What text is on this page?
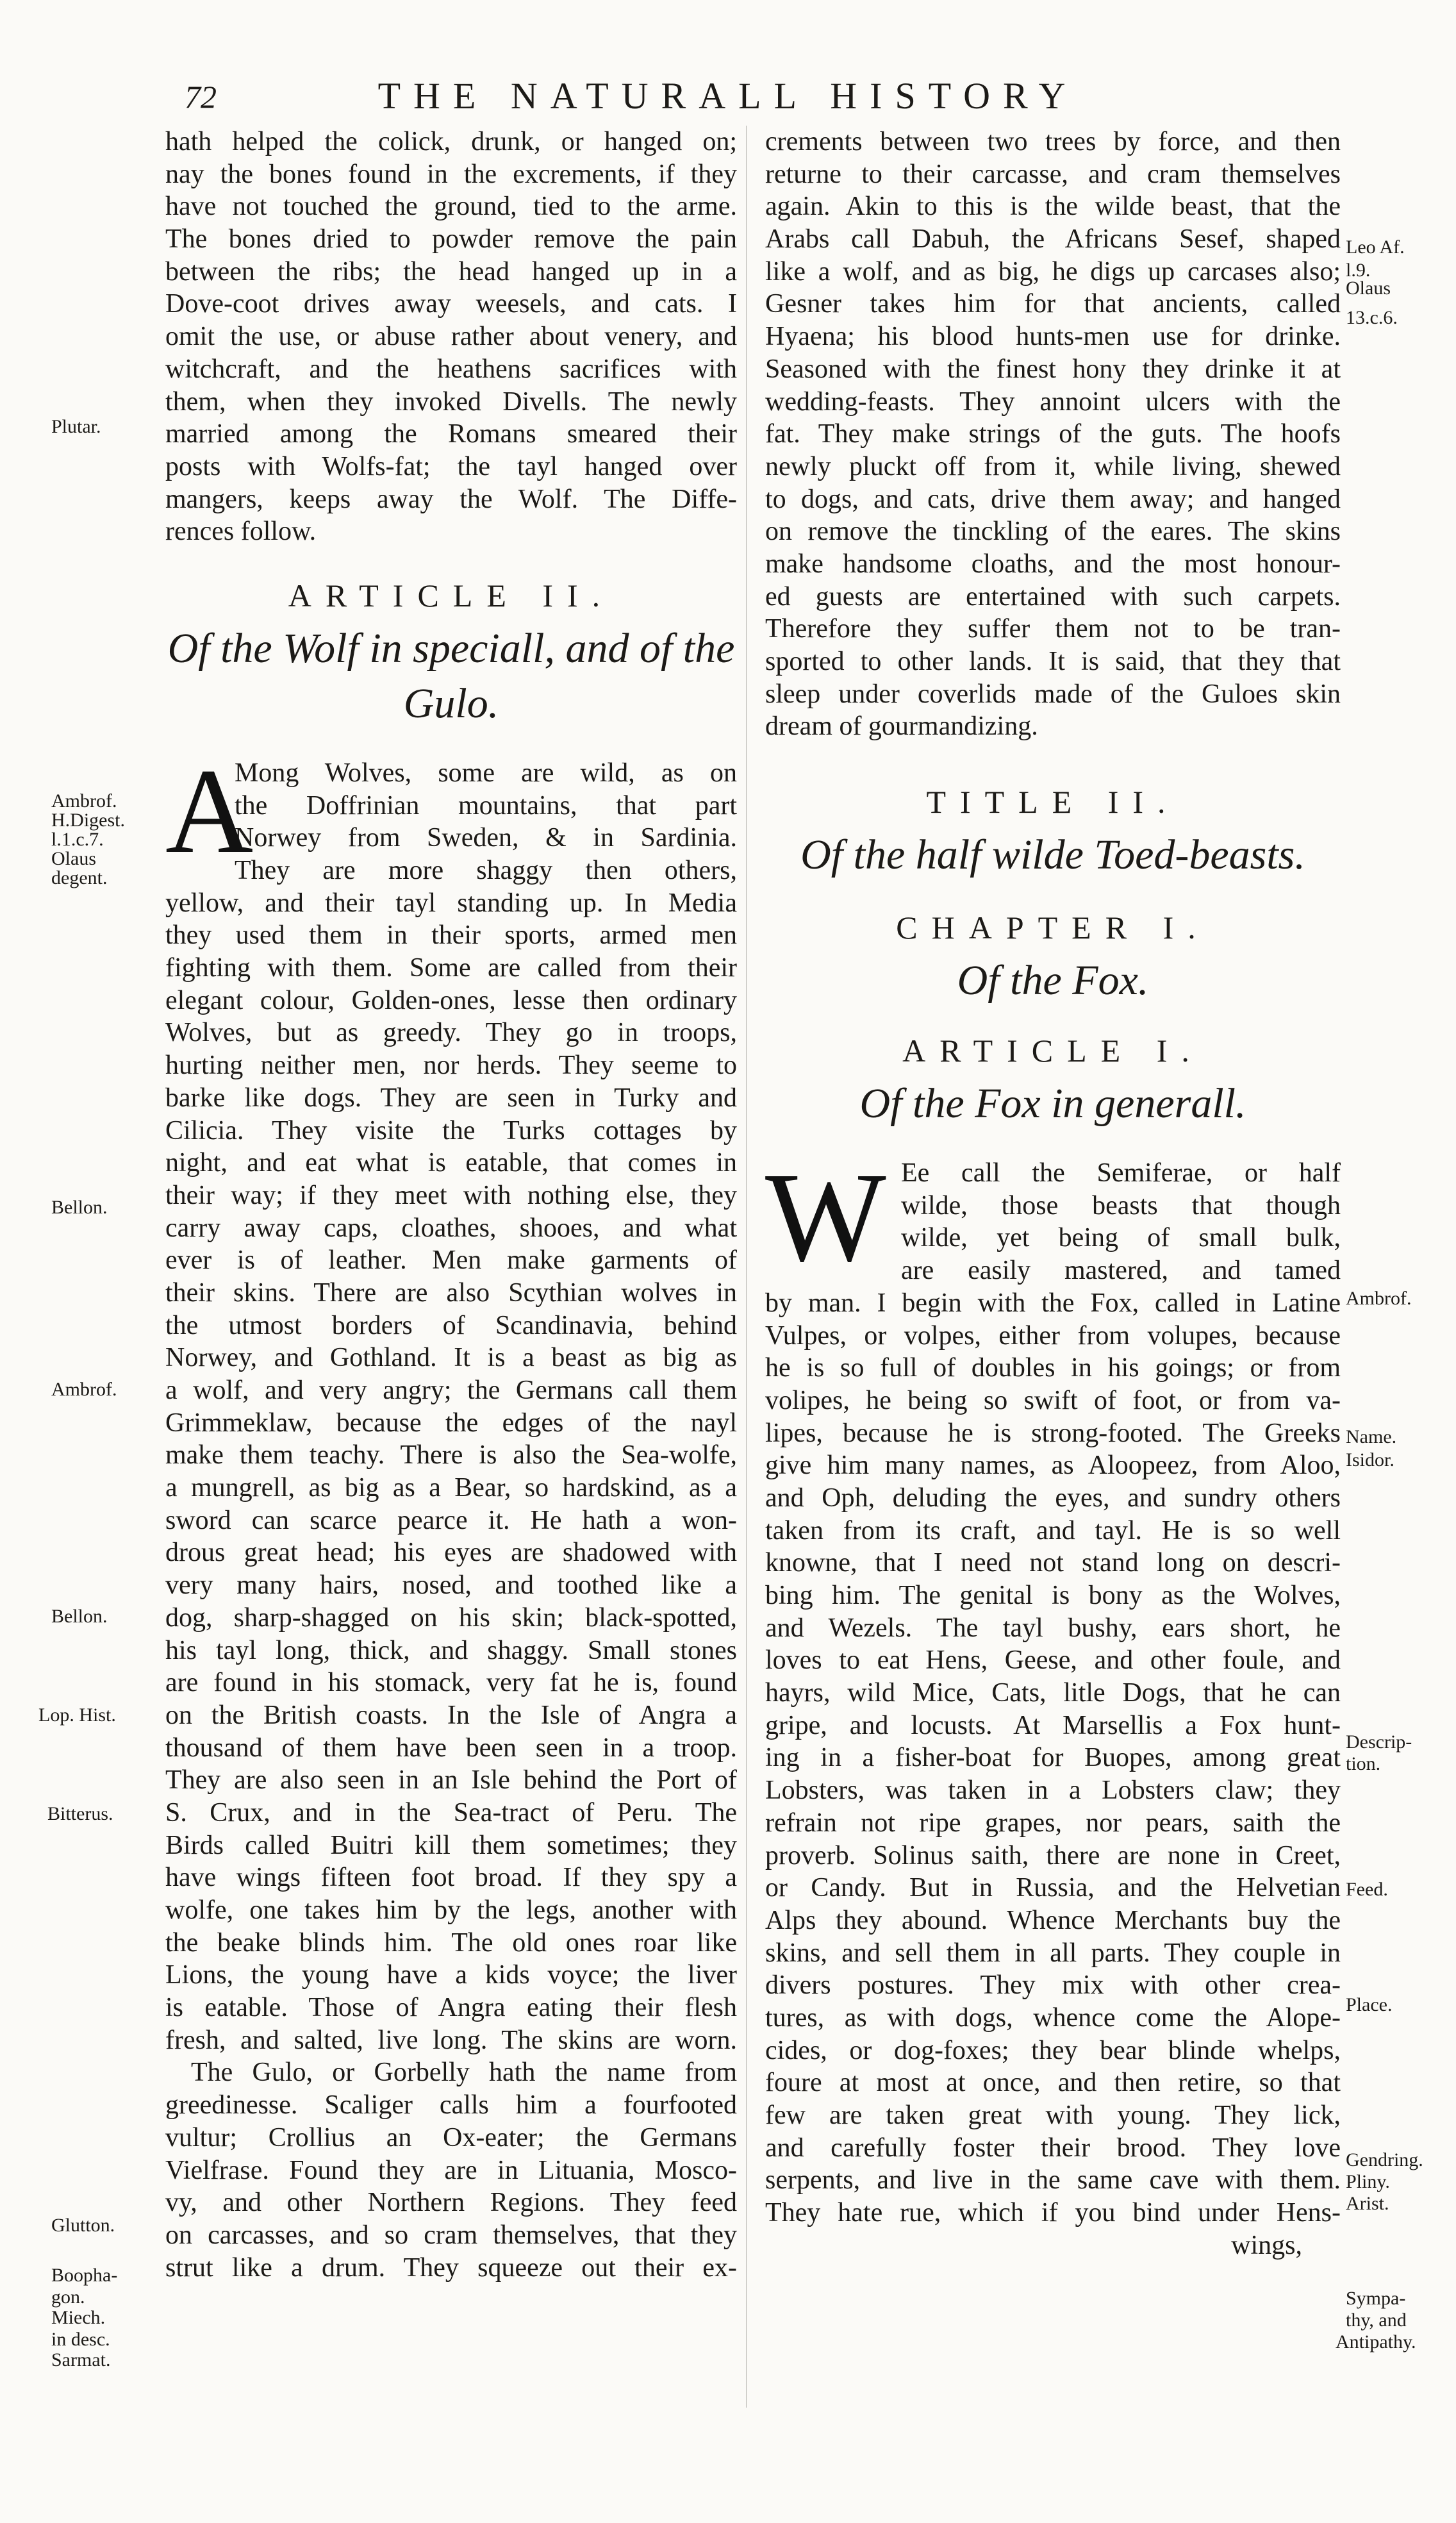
72	THE NATURALL HISTORY
hath helped the colick, drunk, or hanged on;
nay the bones found in the excrements, if they
have not touched the ground, tied to the arme.
The bones dried to powder remove the pain
between the ribs; the head hanged up in a
Dove-coot drives away weesels, and cats. I
omit the use, or abuse rather about venery, and
witchcraft, and the heathens sacrifices with
them, when they invoked Divells. The newly
married among the Romans smeared their
posts with Wolfs-fat; the tayl hanged over
mangers, keeps away the Wolf. The Diffe-
rences follow.
ARTICLE II.
Of the Wolf in speciall, and of the
Gulo.
A
Mong Wolves, some are wild, as on
the Doffrinian mountains, that part
Norwey from Sweden, & in Sardinia.
They are more shaggy then others,
yellow, and their tayl standing up. In Media
they used them in their sports, armed men
fighting with them. Some are called from their
elegant colour, Golden-ones, lesse then ordinary
Wolves, but as greedy. They go in troops,
hurting neither men, nor herds. They seeme to
barke like dogs. They are seen in Turky and
Cilicia. They visite the Turks cottages by
night, and eat what is eatable, that comes in
their way; if they meet with nothing else, they
carry away caps, cloathes, shooes, and what
ever is of leather. Men make garments of
their skins. There are also Scythian wolves in
the utmost borders of Scandinavia, behind
Norwey, and Gothland. It is a beast as big as
a wolf, and very angry; the Germans call them
Grimmeklaw, because the edges of the nayl
make them teachy. There is also the Sea-wolfe,
a mungrell, as big as a Bear, so hardskind, as a
sword can scarce pearce it. He hath a won-
drous great head; his eyes are shadowed with
very many hairs, nosed, and toothed like a
dog, sharp-shagged on his skin; black-spotted,
his tayl long, thick, and shaggy. Small stones
are found in his stomack, very fat he is, found
on the British coasts. In the Isle of Angra a
thousand of them have been seen in a troop.
They are also seen in an Isle behind the Port of
S. Crux, and in the Sea-tract of Peru. The
Birds called Buitri kill them sometimes; they
have wings fifteen foot broad. If they spy a
wolfe, one takes him by the legs, another with
the beake blinds him. The old ones roar like
Lions, the young have a kids voyce; the liver
is eatable. Those of Angra eating their flesh
fresh, and salted, live long. The skins are worn.
The Gulo, or Gorbelly hath the name from
greedinesse. Scaliger calls him a fourfooted
vultur; Crollius an Ox-eater; the Germans
Vielfrase. Found they are in Lituania, Mosco-
vy, and other Northern Regions. They feed
on carcasses, and so cram themselves, that they
strut like a drum. They squeeze out their ex-
Plutar.
Ambrof.
H.Digest.
l.1.c.7.
Olaus
degent.
Bellon.
Ambrof.
Bellon.
Lop. Hist.
Bitterus.
Glutton.
Boopha-
gon.
Miech.
in desc.
Sarmat.
crements between two trees by force, and then
returne to their carcasse, and cram themselves
again. Akin to this is the wilde beast, that the
Arabs call Dabuh, the Africans Sesef, shaped
like a wolf, and as big, he digs up carcases also;
Gesner takes him for that ancients, called
Hyaena; his blood hunts-men use for drinke.
Seasoned with the finest hony they drinke it at
wedding-feasts. They annoint ulcers with the
fat. They make strings of the guts. The hoofs
newly pluckt off from it, while living, shewed
to dogs, and cats, drive them away; and hanged
on remove the tinckling of the eares. The skins
make handsome cloaths, and the most honour-
ed guests are entertained with such carpets.
Therefore they suffer them not to be tran-
sported to other lands. It is said, that they that
sleep under coverlids made of the Guloes skin
dream of gourmandizing.
TITLE II.
Of the half wilde Toed-beasts.
CHAPTER I.
Of the Fox.
ARTICLE I.
Of the Fox in generall.
W Ee call the Semiferae, or half
wilde, those beasts that though
wilde, yet being of small bulk,
are easily mastered, and tamed
by man. I begin with the Fox, called in Latine
Vulpes, or volpes, either from volupes, because
he is so full of doubles in his goings; or from
volipes, he being so swift of foot, or from va-
lipes, because he is strong-footed. The Greeks
give him many names, as Aloopeez, from Aloo,
and Oph, deluding the eyes, and sundry others
taken from its craft, and tayl. He is so well
knowne, that I need not stand long on descri-
bing him. The genital is bony as the Wolves,
and Wezels. The tayl bushy, ears short, he
loves to eat Hens, Geese, and other foule, and
hayrs, wild Mice, Cats, litle Dogs, that he can
gripe, and locusts. At Marsellis a Fox hunt-
ing in a fisher-boat for Buopes, among great
Lobsters, was taken in a Lobsters claw; they
refrain not ripe grapes, nor pears, saith the
proverb. Solinus saith, there are none in Creet,
or Candy. But in Russia, and the Helvetian
Alps they abound. Whence Merchants buy the
skins, and sell them in all parts. They couple in
divers postures. They mix with other crea-
tures, as with dogs, whence come the Alope-
cides, or dog-foxes; they bear blinde whelps,
foure at most at once, and then retire, so that
few are taken great with young. They lick,
and carefully foster their brood. They love
serpents, and live in the same cave with them.
They hate rue, which if you bind under Hens-
wings,
Leo Af.
l.9.
Olaus
13.c.6.
Ambrof.
Name.
Isidor.
Descrip-
tion.
Feed.
Place.
Gendring.
Pliny.
Arist.
Sympa-
thy, and
Antipathy.
